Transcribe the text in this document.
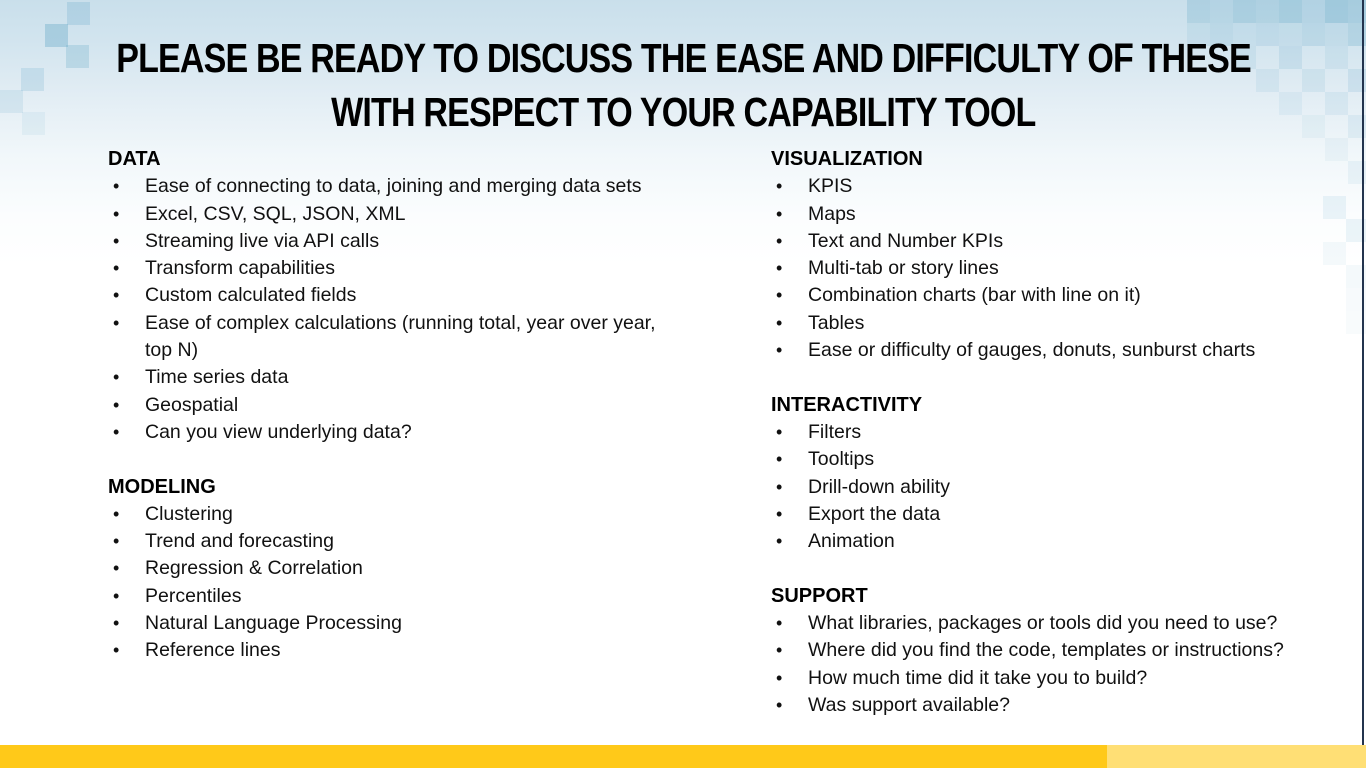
PLEASE BE READY TO DISCUSS THE EASE AND DIFFICULTY OF THESE
WITH RESPECT TO YOUR CAPABILITY TOOL
DATA
• Ease of connecting to data, joining and merging data sets
• Excel, CSV, SQL, JSON, XML
• Streaming live via API calls
• Transform capabilities
• Custom calculated fields
• Ease of complex calculations (running total, year over year, top N)
• Time series data
• Geospatial
• Can you view underlying data?
MODELING
• Clustering
• Trend and forecasting
• Regression & Correlation
• Percentiles
• Natural Language Processing
• Reference lines
VISUALIZATION
• KPIS
• Maps
• Text and Number KPIs
• Multi-tab or story lines
• Combination charts (bar with line on it)
• Tables
• Ease or difficulty of gauges, donuts, sunburst charts
INTERACTIVITY
• Filters
• Tooltips
• Drill-down ability
• Export the data
• Animation
SUPPORT
• What libraries, packages or tools did you need to use?
• Where did you find the code, templates or instructions?
• How much time did it take you to build?
• Was support available?
